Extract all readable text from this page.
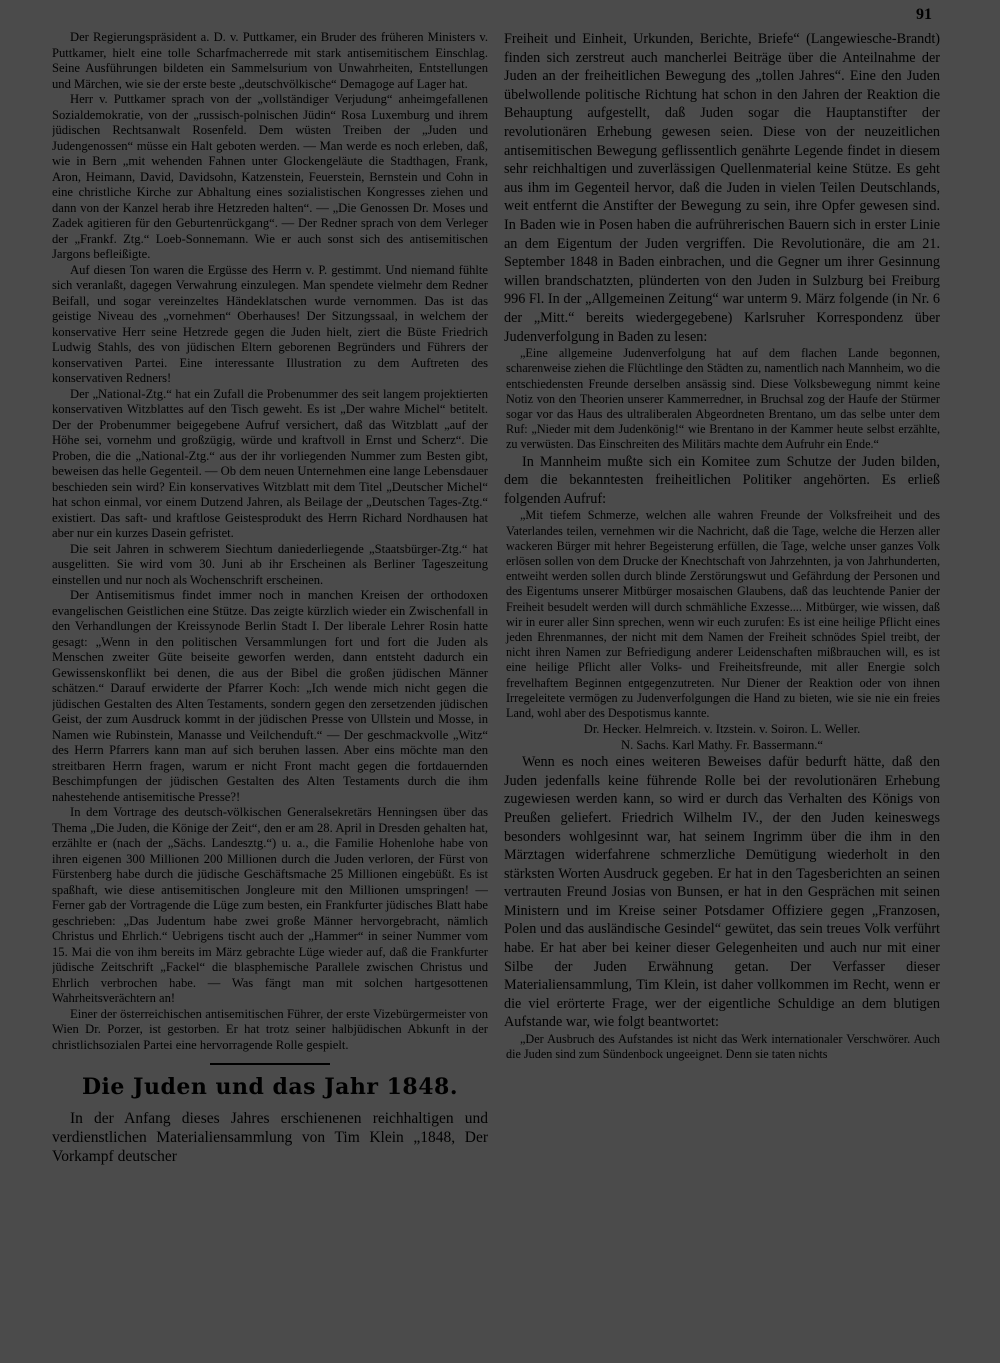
91

Der Regierungspräsident a. D. v. Puttkamer, ein Bruder des früheren Ministers v. Puttkamer, hielt eine tolle Scharfmacherrede mit stark antisemitischem Einschlag. Seine Ausführungen bildeten ein Sammelsurium von Unwahrheiten, Entstellungen und Märchen, wie sie der erste beste „deutschvölkische“ Demagoge auf Lager hat.

Herr v. Puttkamer sprach von der „vollständiger Verjudung“ anheimgefallenen Sozialdemokratie, von der „russisch-polnischen Jüdin“ Rosa Luxemburg und ihrem jüdischen Rechtsanwalt Rosenfeld. Dem wüsten Treiben der „Juden und Judengenossen“ müsse ein Halt geboten werden. — Man werde es noch erleben, daß, wie in Bern „mit wehenden Fahnen unter Glockengeläute die Stadthagen, Frank, Aron, Heimann, David, Davidsohn, Katzenstein, Feuerstein, Bernstein und Cohn in eine christliche Kirche zur Abhaltung eines sozialistischen Kongresses ziehen und dann von der Kanzel herab ihre Hetzreden halten“. — „Die Genossen Dr. Moses und Zadek agitieren für den Geburtenrückgang“. — Der Redner sprach von dem Verleger der „Frankf. Ztg.“ Loeb-Sonnemann. Wie er auch sonst sich des antisemitischen Jargons befleißigte.

Auf diesen Ton waren die Ergüsse des Herrn v. P. gestimmt. Und niemand fühlte sich veranlaßt, dagegen Verwahrung einzulegen. Man spendete vielmehr dem Redner Beifall, und sogar vereinzeltes Händeklatschen wurde vernommen. Das ist das geistige Niveau des „vornehmen“ Oberhauses! Der Sitzungssaal, in welchem der konservative Herr seine Hetzrede gegen die Juden hielt, ziert die Büste Friedrich Ludwig Stahls, des von jüdischen Eltern geborenen Begründers und Führers der konservativen Partei. Eine interessante Illustration zu dem Auftreten des konservativen Redners!

Der „National-Ztg.“ hat ein Zufall die Probenummer des seit langem projektierten konservativen Witzblattes auf den Tisch geweht. Es ist „Der wahre Michel“ betitelt. Der der Probenummer beigegebene Aufruf versichert, daß das Witzblatt „auf der Höhe sei, vornehm und großzügig, würde und kraftvoll in Ernst und Scherz“. Die Proben, die die „National-Ztg.“ aus der ihr vorliegenden Nummer zum Besten gibt, beweisen das helle Gegenteil. — Ob dem neuen Unternehmen eine lange Lebensdauer beschieden sein wird? Ein konservatives Witzblatt mit dem Titel „Deutscher Michel“ hat schon einmal, vor einem Dutzend Jahren, als Beilage der „Deutschen Tages-Ztg.“ existiert. Das saft- und kraftlose Geistesprodukt des Herrn Richard Nordhausen hat aber nur ein kurzes Dasein gefristet.

Die seit Jahren in schwerem Siechtum daniederliegende „Staatsbürger-Ztg.“ hat ausgelitten. Sie wird vom 30. Juni ab ihr Erscheinen als Berliner Tageszeitung einstellen und nur noch als Wochenschrift erscheinen.

Der Antisemitismus findet immer noch in manchen Kreisen der orthodoxen evangelischen Geistlichen eine Stütze. Das zeigte kürzlich wieder ein Zwischenfall in den Verhandlungen der Kreissynode Berlin Stadt I. Der liberale Lehrer Rosin hatte gesagt: „Wenn in den politischen Versammlungen fort und fort die Juden als Menschen zweiter Güte beiseite geworfen werden, dann entsteht dadurch ein Gewissenskonflikt bei denen, die aus der Bibel die großen jüdischen Männer schätzen.“ Darauf erwiderte der Pfarrer Koch: „Ich wende mich nicht gegen die jüdischen Gestalten des Alten Testaments, sondern gegen den zersetzenden jüdischen Geist, der zum Ausdruck kommt in der jüdischen Presse von Ullstein und Mosse, in Namen wie Rubinstein, Manasse und Veilchenduft.“ — Der geschmackvolle „Witz“ des Herrn Pfarrers kann man auf sich beruhen lassen. Aber eins möchte man den streitbaren Herrn fragen, warum er nicht Front macht gegen die fortdauernden Beschimpfungen der jüdischen Gestalten des Alten Testaments durch die ihm nahestehende antisemitische Presse?!

In dem Vortrage des deutsch-völkischen Generalsekretärs Henningsen über das Thema „Die Juden, die Könige der Zeit“, den er am 28. April in Dresden gehalten hat, erzählte er (nach der „Sächs. Landesztg.“) u. a., die Familie Hohenlohe habe von ihren eigenen 300 Millionen 200 Millionen durch die Juden verloren, der Fürst von Fürstenberg habe durch die jüdische Geschäftsmache 25 Millionen eingebüßt. Es ist spaßhaft, wie diese antisemitischen Jongleure mit den Millionen umspringen! — Ferner gab der Vortragende die Lüge zum besten, ein Frankfurter jüdisches Blatt habe geschrieben: „Das Judentum habe zwei große Männer hervorgebracht, nämlich Christus und Ehrlich.“ Uebrigens tischt auch der „Hammer“ in seiner Nummer vom 15. Mai die von ihm bereits im März gebrachte Lüge wieder auf, daß die Frankfurter jüdische Zeitschrift „Fackel“ die blasphemische Parallele zwischen Christus und Ehrlich verbrochen habe. — Was fängt man mit solchen hartgesottenen Wahrheitsverächtern an!

Einer der österreichischen antisemitischen Führer, der erste Vizebürgermeister von Wien Dr. Porzer, ist gestorben. Er hat trotz seiner halbjüdischen Abkunft in der christlichsozialen Partei eine hervorragende Rolle gespielt.

Die Juden und das Jahr 1848.

In der Anfang dieses Jahres erschienenen reichhaltigen und verdienstlichen Materialiensammlung von Tim Klein „1848, Der Vorkampf deutscher

Freiheit und Einheit, Urkunden, Berichte, Briefe“ (Langewiesche-Brandt) finden sich zerstreut auch mancherlei Beiträge über die Anteilnahme der Juden an der freiheitlichen Bewegung des „tollen Jahres“. Eine den Juden übelwollende politische Richtung hat schon in den Jahren der Reaktion die Behauptung aufgestellt, daß Juden sogar die Hauptanstifter der revolutionären Erhebung gewesen seien. Diese von der neuzeitlichen antisemitischen Bewegung geflissentlich genährte Legende findet in diesem sehr reichhaltigen und zuverlässigen Quellenmaterial keine Stütze. Es geht aus ihm im Gegenteil hervor, daß die Juden in vielen Teilen Deutschlands, weit entfernt die Anstifter der Bewegung zu sein, ihre Opfer gewesen sind. In Baden wie in Posen haben die aufrührerischen Bauern sich in erster Linie an dem Eigentum der Juden vergriffen. Die Revolutionäre, die am 21. September 1848 in Baden einbrachen, und die Gegner um ihrer Gesinnung willen brandschatzten, plünderten von den Juden in Sulzburg bei Freiburg 996 Fl. In der „Allgemeinen Zeitung“ war unterm 9. März folgende (in Nr. 6 der „Mitt.“ bereits wiedergegebene) Karlsruher Korrespondenz über Judenverfolgung in Baden zu lesen:

„Eine allgemeine Judenverfolgung hat auf dem flachen Lande begonnen, scharenweise ziehen die Flüchtlinge den Städten zu, namentlich nach Mannheim, wo die entschiedensten Freunde derselben ansässig sind. Diese Volksbewegung nimmt keine Notiz von den Theorien unserer Kammerredner, in Bruchsal zog der Haufe der Stürmer sogar vor das Haus des ultraliberalen Abgeordneten Brentano, um das selbe unter dem Ruf: „Nieder mit dem Judenkönig!“ wie Brentano in der Kammer heute selbst erzählte, zu verwüsten. Das Einschreiten des Militärs machte dem Aufruhr ein Ende.“

In Mannheim mußte sich ein Komitee zum Schutze der Juden bilden, dem die bekanntesten freiheitlichen Politiker angehörten. Es erließ folgenden Aufruf:

„Mit tiefem Schmerze, welchen alle wahren Freunde der Volksfreiheit und des Vaterlandes teilen, vernehmen wir die Nachricht, daß die Tage, welche die Herzen aller wackeren Bürger mit hehrer Begeisterung erfüllen, die Tage, welche unser ganzes Volk erlösen sollen von dem Drucke der Knechtschaft von Jahrzehnten, ja von Jahrhunderten, entweiht werden sollen durch blinde Zerstörungswut und Gefährdung der Personen und des Eigentums unserer Mitbürger mosaischen Glaubens, daß das leuchtende Panier der Freiheit besudelt werden will durch schmähliche Exzesse.... Mitbürger, wie wissen, daß wir in eurer aller Sinn sprechen, wenn wir euch zurufen: Es ist eine heilige Pflicht eines jeden Ehrenmannes, der nicht mit dem Namen der Freiheit schnödes Spiel treibt, der nicht ihren Namen zur Befriedigung anderer Leidenschaften mißbrauchen will, es ist eine heilige Pflicht aller Volks- und Freiheitsfreunde, mit aller Energie solch frevelhaftem Beginnen entgegenzutreten. Nur Diener der Reaktion oder von ihnen Irregeleitete vermögen zu Judenverfolgungen die Hand zu bieten, wie sie nie ein freies Land, wohl aber des Despotismus kannte.

Dr. Hecker. Helmreich. v. Itzstein. v. Soiron. L. Weller.
N. Sachs. Karl Mathy. Fr. Bassermann.“

Wenn es noch eines weiteren Beweises dafür bedurft hätte, daß den Juden jedenfalls keine führende Rolle bei der revolutionären Erhebung zugewiesen werden kann, so wird er durch das Verhalten des Königs von Preußen geliefert. Friedrich Wilhelm IV., der den Juden keineswegs besonders wohlgesinnt war, hat seinem Ingrimm über die ihm in den Märztagen widerfahrene schmerzliche Demütigung wiederholt in den stärksten Worten Ausdruck gegeben. Er hat in den Tagesberichten an seinen vertrauten Freund Josias von Bunsen, er hat in den Gesprächen mit seinen Ministern und im Kreise seiner Potsdamer Offiziere gegen „Franzosen, Polen und das ausländische Gesindel“ gewütet, das sein treues Volk verführt habe. Er hat aber bei keiner dieser Gelegenheiten und auch nur mit einer Silbe der Juden Erwähnung getan. Der Verfasser dieser Materialiensammlung, Tim Klein, ist daher vollkommen im Recht, wenn er die viel erörterte Frage, wer der eigentliche Schuldige an dem blutigen Aufstande war, wie folgt beantwortet:

„Der Ausbruch des Aufstandes ist nicht das Werk internationaler Verschwörer. Auch die Juden sind zum Sündenbock ungeeignet. Denn sie taten nichts
